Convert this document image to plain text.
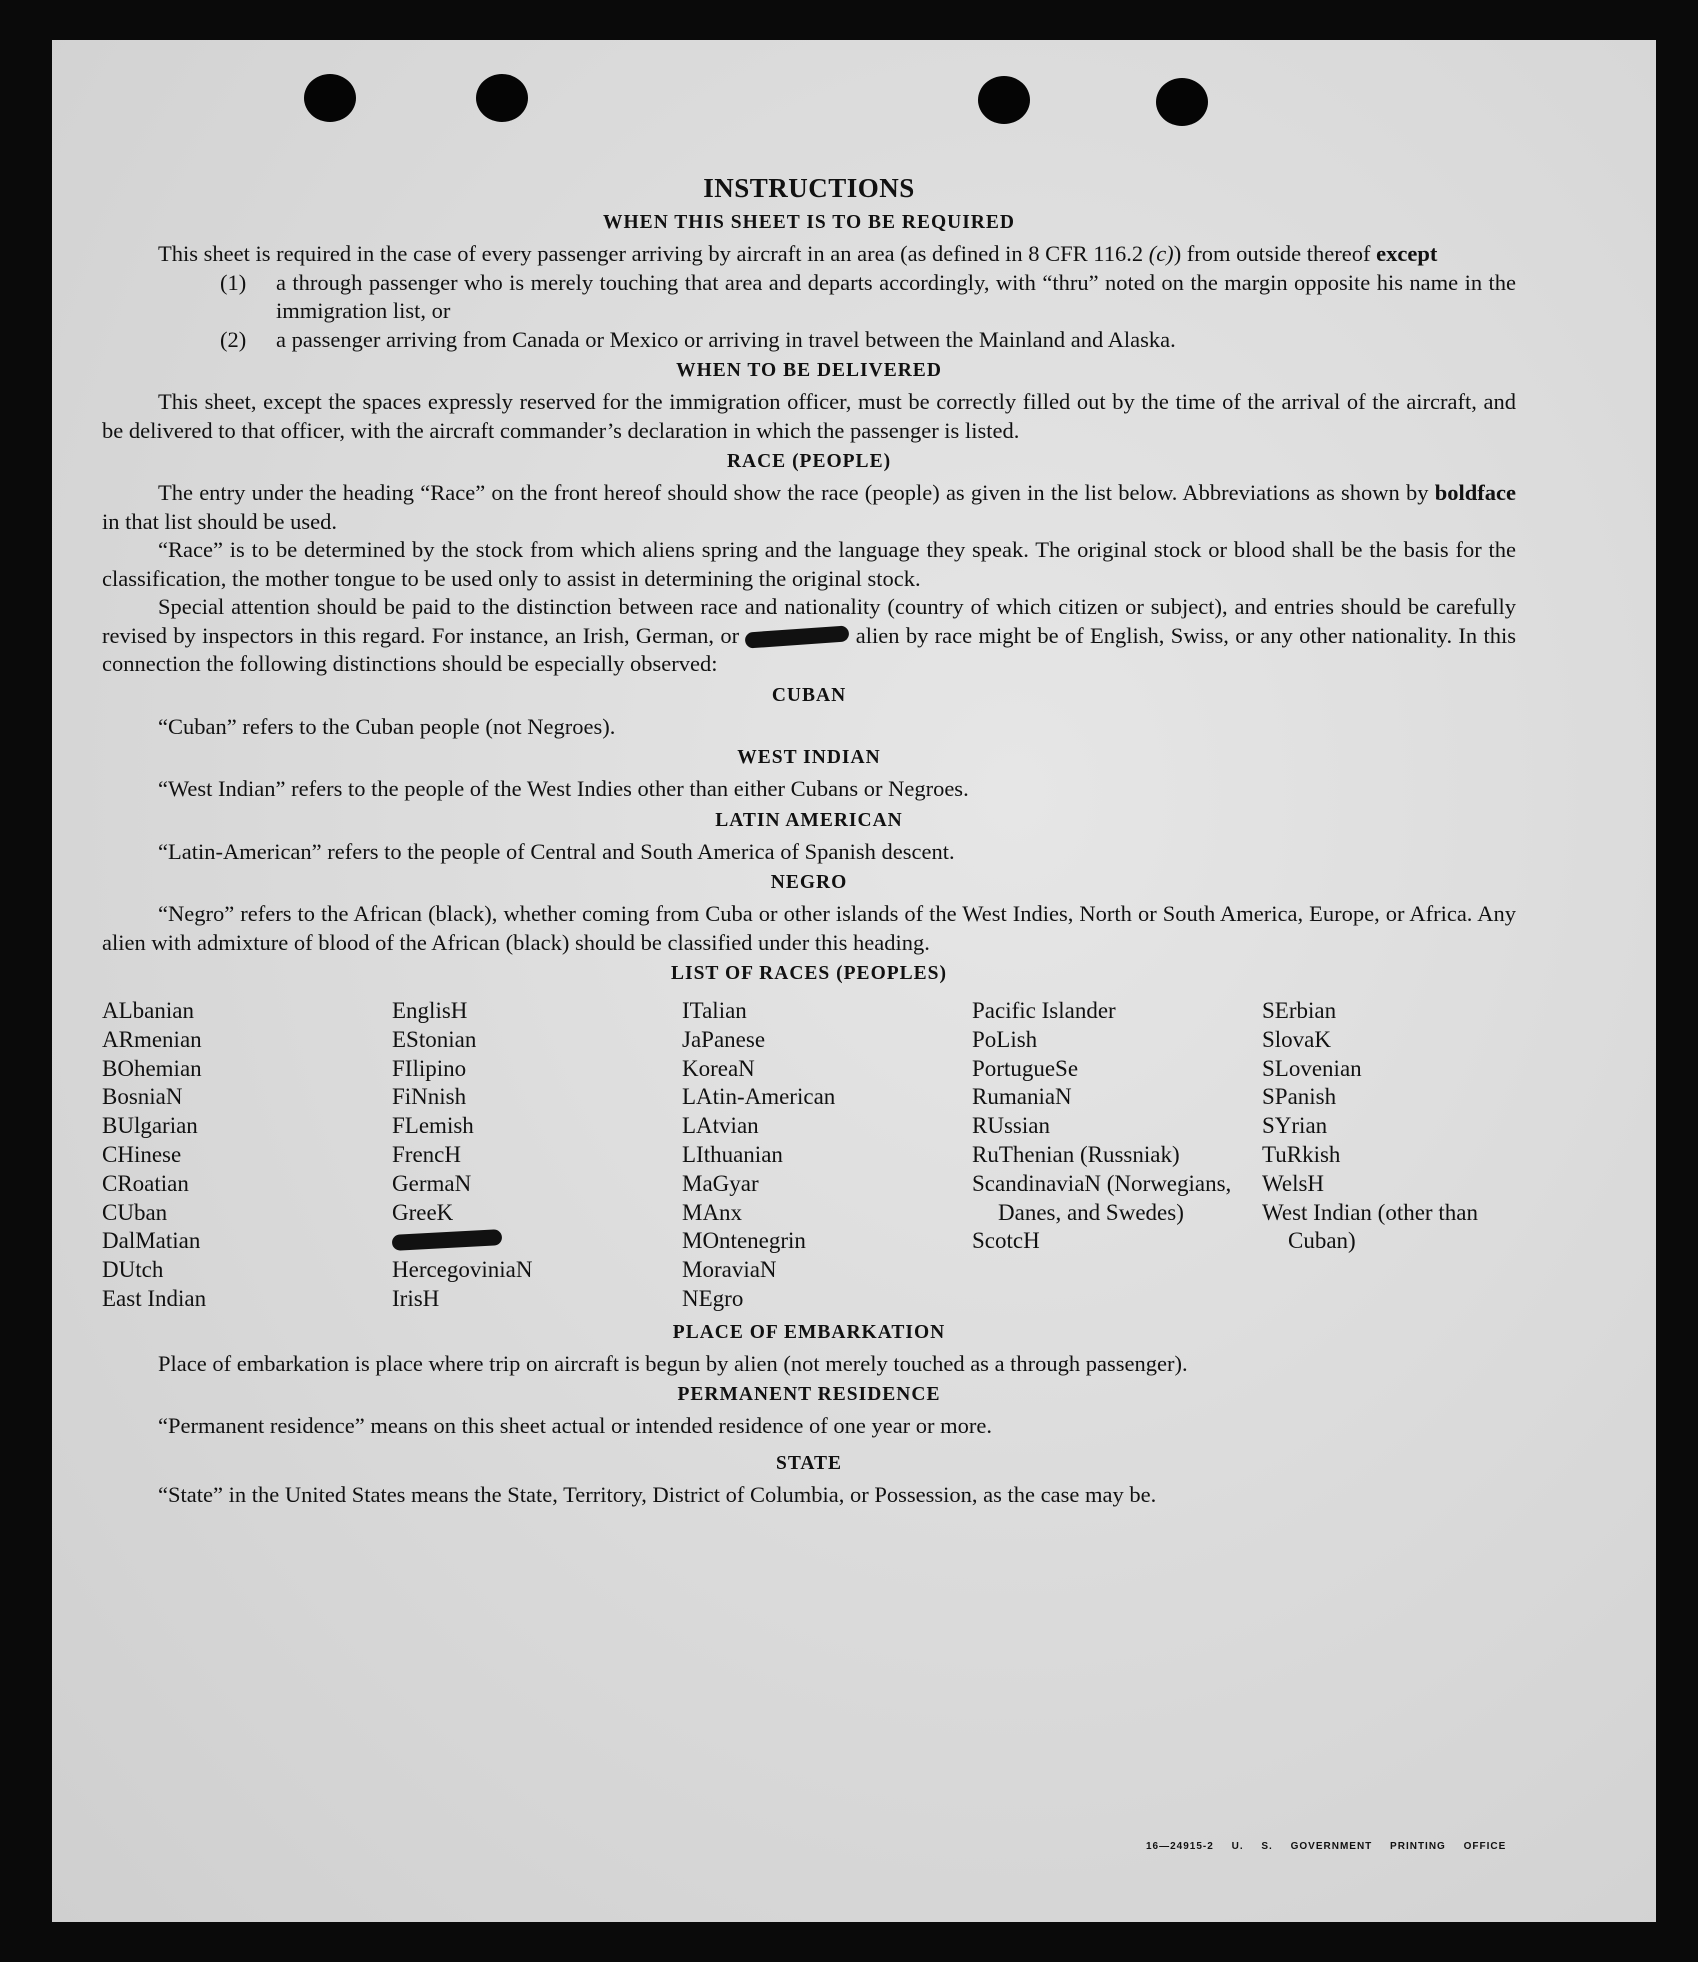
INSTRUCTIONS
WHEN THIS SHEET IS TO BE REQUIRED

This sheet is required in the case of every passenger arriving by aircraft in an area (as defined in 8 CFR 116.2 (c)) from outside thereof except

(1)	a through passenger who is merely touching that area and departs accordingly, with “thru” noted on the margin opposite his name in the immigration list, or
(2)	a passenger arriving from Canada or Mexico or arriving in travel between the Mainland and Alaska.
WHEN TO BE DELIVERED

This sheet, except the spaces expressly reserved for the immigration officer, must be correctly filled out by the time of the arrival of the aircraft, and be delivered to that officer, with the aircraft commander’s declaration in which the passenger is listed.

RACE (PEOPLE)

The entry under the heading “Race” on the front hereof should show the race (people) as given in the list below. Abbreviations as shown by boldface in that list should be used.

“Race” is to be determined by the stock from which aliens spring and the language they speak. The original stock or blood shall be the basis for the classification, the mother tongue to be used only to assist in determining the original stock.

Special attention should be paid to the distinction between race and nationality (country of which citizen or subject), and entries should be carefully revised by inspectors in this regard. For instance, an Irish, German, or	alien by race might be of English, Swiss, or any other nationality. In this connection the following distinctions should be especially observed:

CUBAN

“Cuban” refers to the Cuban people (not Negroes).

WEST INDIAN

“West Indian” refers to the people of the West Indies other than either Cubans or Negroes.

LATIN AMERICAN

“Latin-American” refers to the people of Central and South America of Spanish descent.

NEGRO

“Negro” refers to the African (black), whether coming from Cuba or other islands of the West Indies, North or South America, Europe, or Africa. Any alien with admixture of blood of the African (black) should be classified under this heading.

LIST OF RACES (PEOPLES)
ALbanian
ARmenian
BOhemian
BosniaN
BUlgarian
CHinese
CRoatian
CUban
DalMatian
DUtch
East Indian
EnglisH
EStonian
FIlipino
FiNnish
FLemish
FrencH
GermaN
GreeK
HercegoviniaN
IrisH
ITalian
JaPanese
KoreaN
LAtin-American
LAtvian
LIthuanian
MaGyar
MAnx
MOntenegrin
MoraviaN
NEgro
Pacific Islander
PoLish
PortugueSe
RumaniaN
RUssian
RuThenian (Russniak)
ScandinaviaN (Norwegians, Danes, and Swedes)
ScotcH
SErbian
SlovaK
SLovenian
SPanish
SYrian
TuRkish
WelsH
West Indian (other than Cuban)
PLACE OF EMBARKATION

Place of embarkation is place where trip on aircraft is begun by alien (not merely touched as a through passenger).

PERMANENT RESIDENCE

“Permanent residence” means on this sheet actual or intended residence of one year or more.

STATE

“State” in the United States means the State, Territory, District of Columbia, or Possession, as the case may be.

16—24915-2 U. S. GOVERNMENT PRINTING OFFICE
